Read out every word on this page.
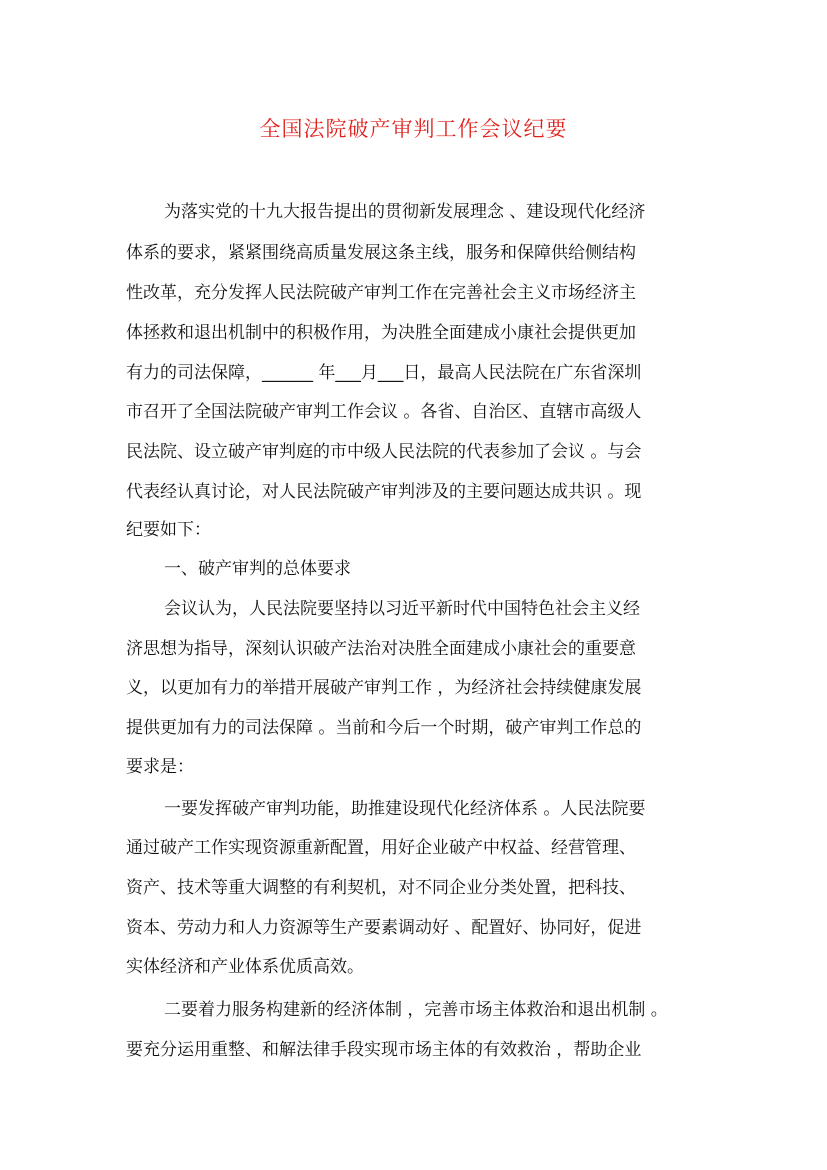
全国法院破产审判工作会议纪要
为落实党的十九大报告提出的贯彻新发展理念 、建设现代化经济
体系的要求，紧紧围绕高质量发展这条主线，服务和保障供给侧结构
性改革，充分发挥人民法院破产审判工作在完善社会主义市场经济主
体拯救和退出机制中的积极作用，为决胜全面建成小康社会提供更加
有力的司法保障，______ 年___月___日，最高人民法院在广东省深圳
市召开了全国法院破产审判工作会议 。各省、自治区、直辖市高级人
民法院、设立破产审判庭的市中级人民法院的代表参加了会议 。与会
代表经认真讨论，对人民法院破产审判涉及的主要问题达成共识 。现
纪要如下：
一、破产审判的总体要求
会议认为，人民法院要坚持以习近平新时代中国特色社会主义经
济思想为指导，深刻认识破产法治对决胜全面建成小康社会的重要意
义，以更加有力的举措开展破产审判工作 ，为经济社会持续健康发展
提供更加有力的司法保障 。当前和今后一个时期，破产审判工作总的
要求是：
一要发挥破产审判功能，助推建设现代化经济体系 。人民法院要
通过破产工作实现资源重新配置，用好企业破产中权益、经营管理、
资产、技术等重大调整的有利契机，对不同企业分类处置，把科技、
资本、劳动力和人力资源等生产要素调动好 、配置好、协同好，促进
实体经济和产业体系优质高效。
二要着力服务构建新的经济体制 ，完善市场主体救治和退出机制 。
要充分运用重整、和解法律手段实现市场主体的有效救治 ，帮助企业
